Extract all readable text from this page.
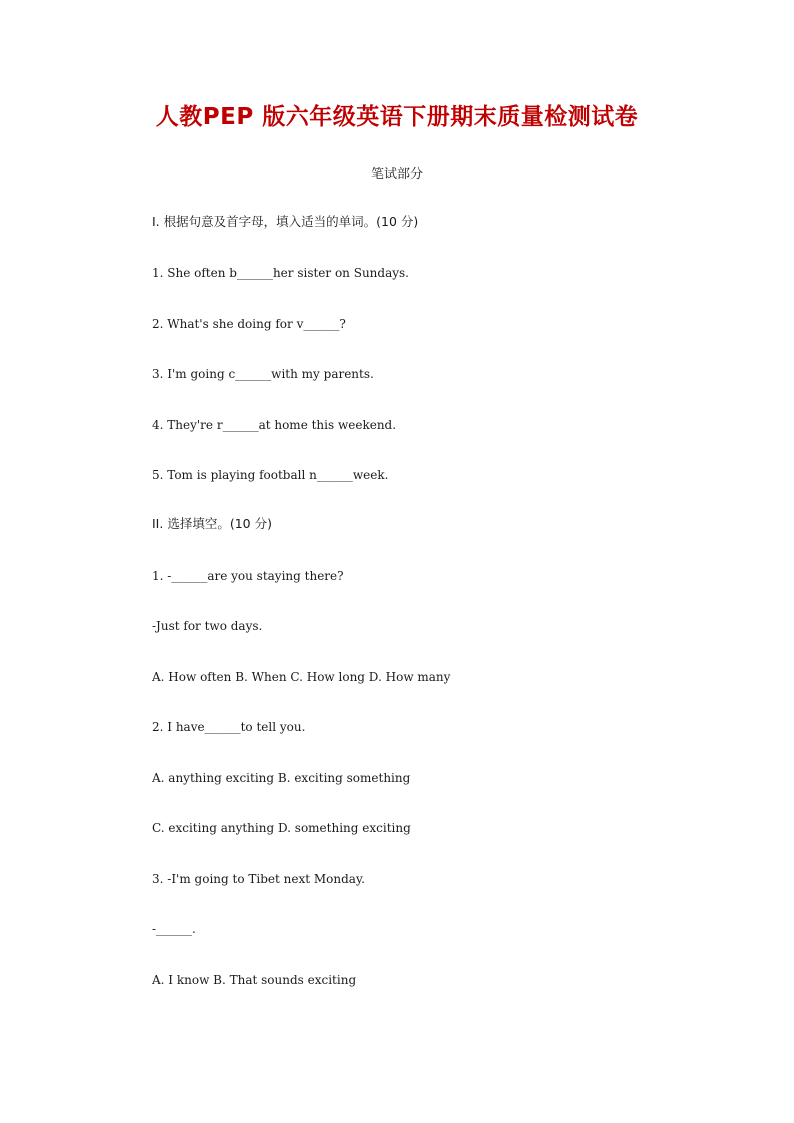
人教PEP 版六年级英语下册期末质量检测试卷
笔试部分
I. 根据句意及首字母，填入适当的单词。(10 分)
1. She often b______her sister on Sundays.
2. What's she doing for v______?
3. I'm going c______with my parents.
4. They're r______at home this weekend.
5. Tom is playing football n______week.
II. 选择填空。(10 分)
1. -______are you staying there?
-Just for two days.
A. How often B. When C. How long D. How many
2. I have______to tell you.
A. anything exciting B. exciting something
C. exciting anything D. something exciting
3. -I'm going to Tibet next Monday.
-______.
A. I know B. That sounds exciting
